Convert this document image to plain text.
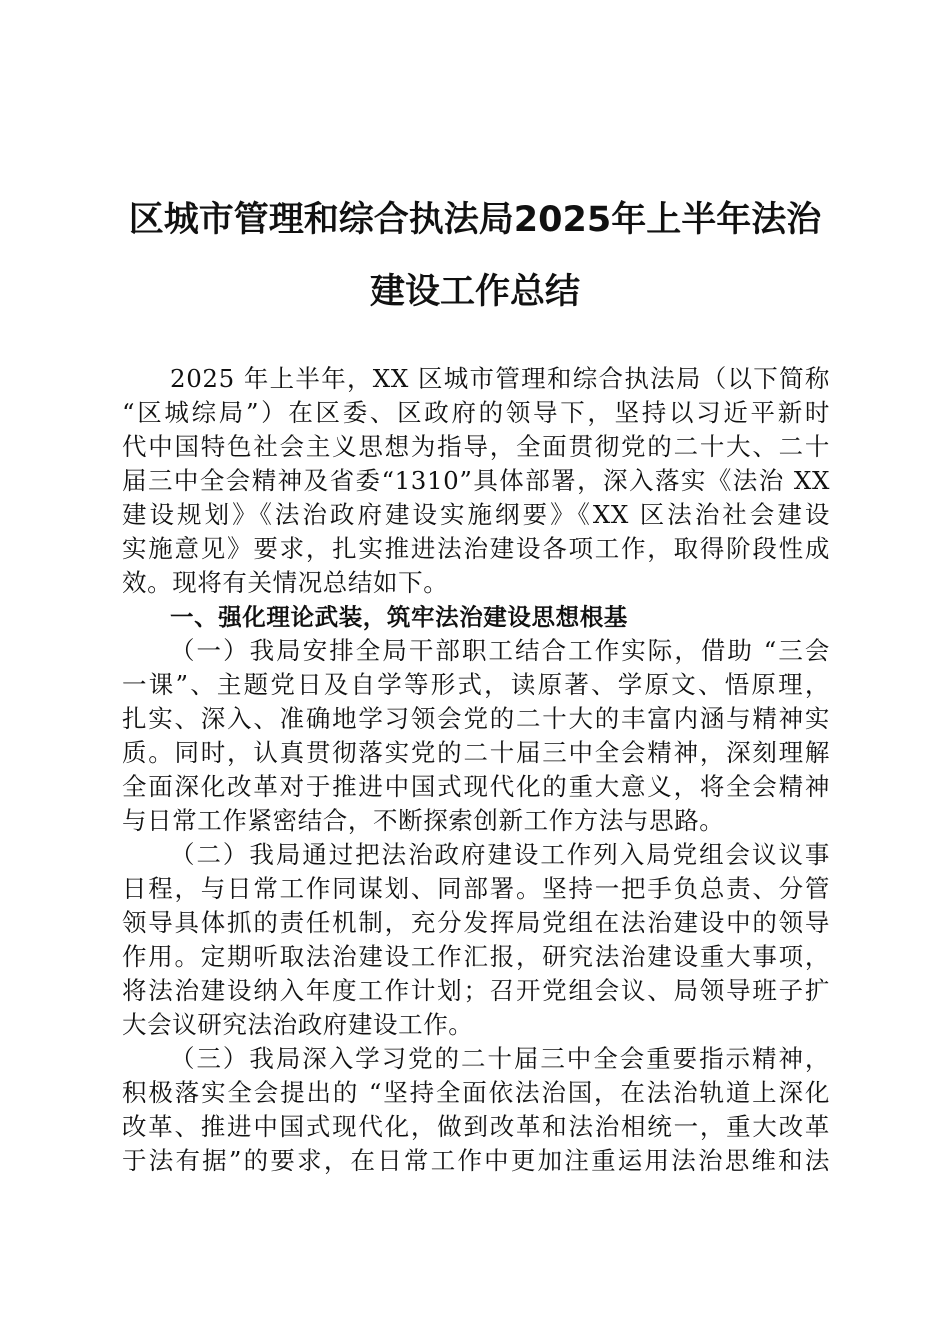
区城市管理和综合执法局2025年上半年法治
建设工作总结
2025 年上半年，XX 区城市管理和综合执法局（以下简称
“区城综局”）在区委、区政府的领导下，坚持以习近平新时
代中国特色社会主义思想为指导，全面贯彻党的二十大、二十
届三中全会精神及省委“1310”具体部署，深入落实《法治 XX
建设规划》《法治政府建设实施纲要》《XX 区法治社会建设
实施意见》要求，扎实推进法治建设各项工作，取得阶段性成
效。现将有关情况总结如下。
一、强化理论武装，筑牢法治建设思想根基
（一）我局安排全局干部职工结合工作实际，借助 “三会
一课”、主题党日及自学等形式，读原著、学原文、悟原理，
扎实、深入、准确地学习领会党的二十大的丰富内涵与精神实
质。同时，认真贯彻落实党的二十届三中全会精神，深刻理解
全面深化改革对于推进中国式现代化的重大意义，将全会精神
与日常工作紧密结合，不断探索创新工作方法与思路。
（二）我局通过把法治政府建设工作列入局党组会议议事
日程，与日常工作同谋划、同部署。坚持一把手负总责、分管
领导具体抓的责任机制，充分发挥局党组在法治建设中的领导
作用。定期听取法治建设工作汇报，研究法治建设重大事项，
将法治建设纳入年度工作计划；召开党组会议、局领导班子扩
大会议研究法治政府建设工作。
（三）我局深入学习党的二十届三中全会重要指示精神，
积极落实全会提出的 “坚持全面依法治国，在法治轨道上深化
改革、推进中国式现代化，做到改革和法治相统一，重大改革
于法有据”的要求，在日常工作中更加注重运用法治思维和法
